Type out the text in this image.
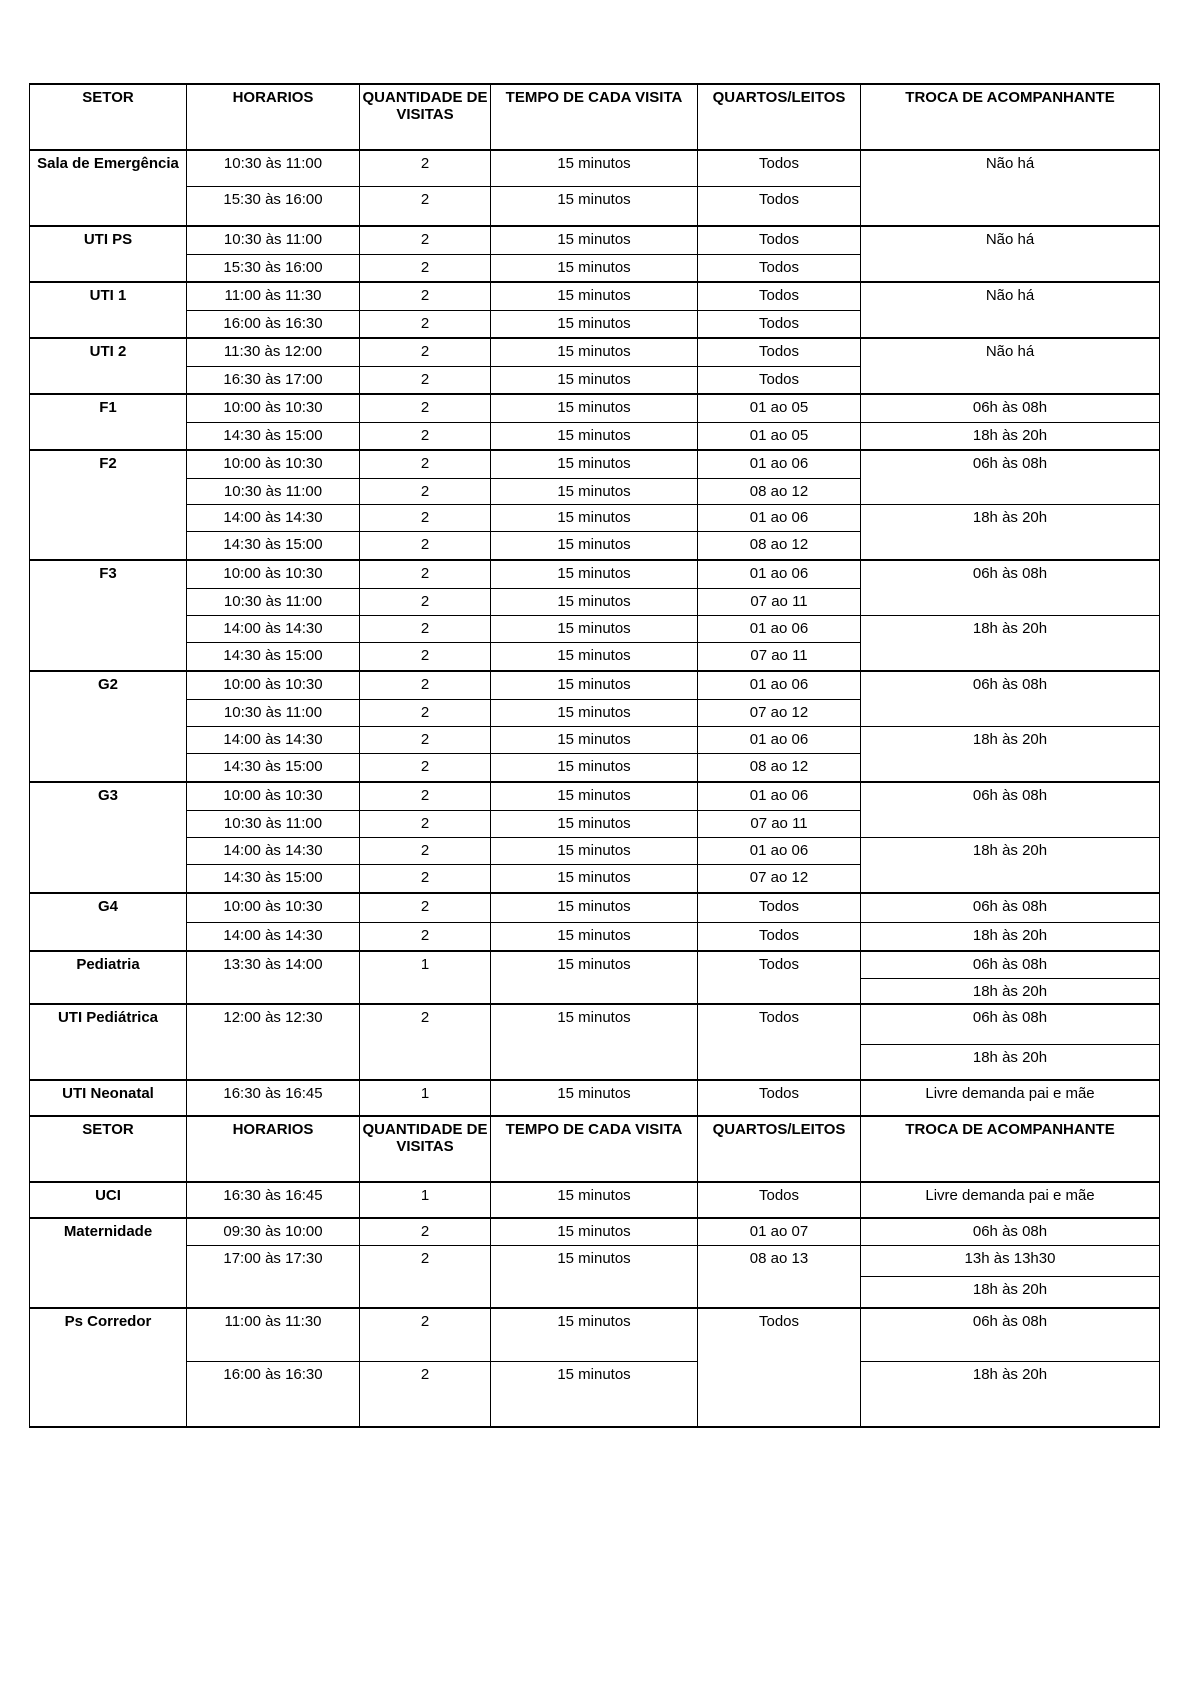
SETOR	HORARIOS	QUANTIDADE DE VISITAS	TEMPO DE CADA VISITA	QUARTOS/LEITOS	TROCA DE ACOMPANHANTE
Sala de Emergência	10:30 às 11:00	2	15 minutos	Todos	Não há
	15:30 às 16:00	2	15 minutos	Todos	
UTI PS	10:30 às 11:00	2	15 minutos	Todos	Não há
	15:30 às 16:00	2	15 minutos	Todos	
UTI 1	11:00 às 11:30	2	15 minutos	Todos	Não há
	16:00 às 16:30	2	15 minutos	Todos	
UTI 2	11:30 às 12:00	2	15 minutos	Todos	Não há
	16:30 às 17:00	2	15 minutos	Todos	
F1	10:00 às 10:30	2	15 minutos	01 ao 05	06h às 08h
	14:30 às 15:00	2	15 minutos	01 ao 05	18h às 20h
F2	10:00 às 10:30	2	15 minutos	01 ao 06	06h às 08h
	10:30 às 11:00	2	15 minutos	08 ao 12	
	14:00 às 14:30	2	15 minutos	01 ao 06	18h às 20h
	14:30 às 15:00	2	15 minutos	08 ao 12	
F3	10:00 às 10:30	2	15 minutos	01 ao 06	06h às 08h
	10:30 às 11:00	2	15 minutos	07 ao 11	
	14:00 às 14:30	2	15 minutos	01 ao 06	18h às 20h
	14:30 às 15:00	2	15 minutos	07 ao 11	
G2	10:00 às 10:30	2	15 minutos	01 ao 06	06h às 08h
	10:30 às 11:00	2	15 minutos	07 ao 12	
	14:00 às 14:30	2	15 minutos	01 ao 06	18h às 20h
	14:30 às 15:00	2	15 minutos	08 ao 12	
G3	10:00 às 10:30	2	15 minutos	01 ao 06	06h às 08h
	10:30 às 11:00	2	15 minutos	07 ao 11	
	14:00 às 14:30	2	15 minutos	01 ao 06	18h às 20h
	14:30 às 15:00	2	15 minutos	07 ao 12	
G4	10:00 às 10:30	2	15 minutos	Todos	06h às 08h
	14:00 às 14:30	2	15 minutos	Todos	18h às 20h
Pediatria	13:30 às 14:00	1	15 minutos	Todos	06h às 08h
					18h às 20h
UTI Pediátrica	12:00 às 12:30	2	15 minutos	Todos	06h às 08h
					18h às 20h
UTI Neonatal	16:30 às 16:45	1	15 minutos	Todos	Livre demanda pai e mãe
SETOR	HORARIOS	QUANTIDADE DE VISITAS	TEMPO DE CADA VISITA	QUARTOS/LEITOS	TROCA DE ACOMPANHANTE
UCI	16:30 às 16:45	1	15 minutos	Todos	Livre demanda pai e mãe
Maternidade	09:30 às 10:00	2	15 minutos	01 ao 07	06h às 08h
	17:00 às 17:30	2	15 minutos	08 ao 13	13h às 13h30
					18h às 20h
Ps Corredor	11:00 às 11:30	2	15 minutos	Todos	06h às 08h
	16:00 às 16:30	2	15 minutos		18h às 20h
